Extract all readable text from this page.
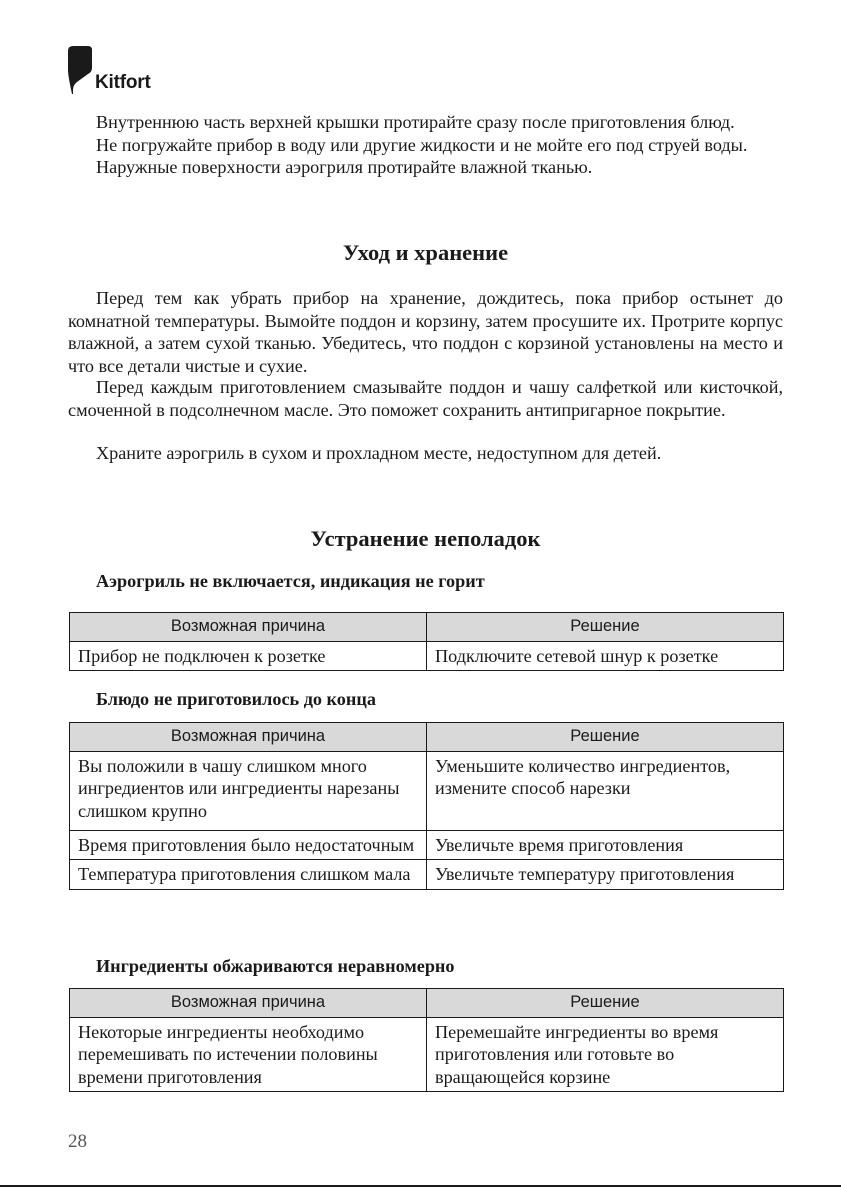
Kitfort

Внутреннюю часть верхней крышки протирайте сразу после приготовления блюд.

Не погружайте прибор в воду или другие жидкости и не мойте его под струей воды.

Наружные поверхности аэрогриля протирайте влажной тканью.

Уход и хранение

Перед тем как убрать прибор на хранение, дождитесь, пока прибор остынет до комнатной температуры. Вымойте поддон и корзину, затем просушите их. Протрите корпус влажной, а затем сухой тканью. Убедитесь, что поддон с корзиной установлены на место и что все детали чистые и сухие.

Перед каждым приготовлением смазывайте поддон и чашу салфеткой или кисточкой, смоченной в подсолнечном масле. Это поможет сохранить антипригарное покрытие.

Храните аэрогриль в сухом и прохладном месте, недоступном для детей.

Устранение неполадок
Аэрогриль не включается, индикация не горит
Возможная причина	Решение
Прибор не подключен к розетке	Подключите сетевой шнур к розетке
Блюдо не приготовилось до конца
Возможная причина	Решение
Вы положили в чашу слишком много ингредиентов или ингредиенты нарезаны слишком крупно	Уменьшите количество ингредиентов, измените способ нарезки
Время приготовления было недостаточным	Увеличьте время приготовления
Температура приготовления слишком мала	Увеличьте температуру приготовления
Ингредиенты обжариваются неравномерно
Возможная причина	Решение
Некоторые ингредиенты необходимо перемешивать по истечении половины времени приготовления	Перемешайте ингредиенты во время приготовления или готовьте во вращающейся корзине
28
